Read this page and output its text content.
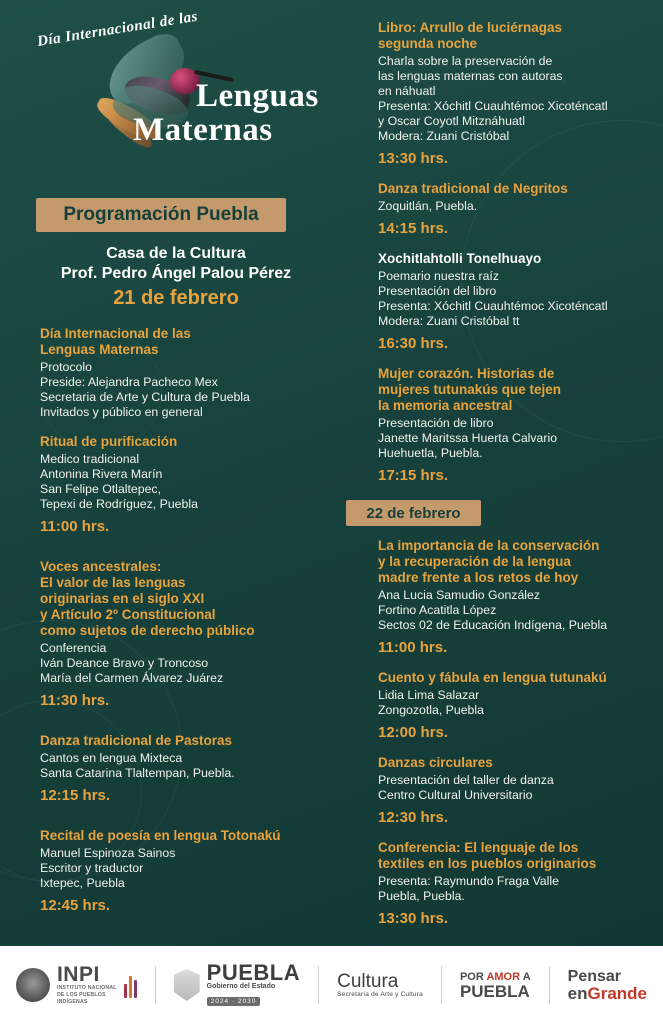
Día Internacional de las
Lenguas
Maternas
Programación Puebla
Casa de la Cultura
Prof. Pedro Ángel Palou Pérez
21 de febrero
Día Internacional de las
Lenguas Maternas
Protocolo
Preside: Alejandra Pacheco Mex
Secretaria de Arte y Cultura de Puebla
Invitados y público en general
Ritual de purificación
Medico tradicional
Antonina Rivera Marín
San Felipe Otlaltepec,
Tepexi de Rodríguez, Puebla
11:00 hrs.
Voces ancestrales:
El valor de las lenguas
originarias en el siglo XXI
y Artículo 2º Constitucional
como sujetos de derecho público
Conferencia
Iván Deance Bravo y Troncoso
María del Carmen Álvarez Juárez
11:30 hrs.
Danza tradicional de Pastoras
Cantos en lengua Mixteca
Santa Catarina Tlaltempan, Puebla.
12:15 hrs.
Recital de poesía en lengua Totonakú
Manuel Espinoza Sainos
Escritor y traductor
Ixtepec, Puebla
12:45 hrs.
Libro: Arrullo de luciérnagas
segunda noche
Charla sobre la preservación de
las lenguas maternas con autoras
en náhuatl
Presenta: Xóchitl Cuauhtémoc Xicoténcatl
y Oscar Coyotl Mitznáhuatl
Modera: Zuani Cristóbal
13:30 hrs.
Danza tradicional de Negritos
Zoquitlán, Puebla.
14:15 hrs.
Xochitlahtolli Tonelhuayo
Poemario nuestra raíz
Presentación del libro
Presenta: Xóchitl Cuauhtémoc Xicoténcatl
Modera: Zuani Cristóbal tt
16:30 hrs.
Mujer corazón. Historias de
mujeres tutunakús que tejen
la memoria ancestral
Presentación de libro
Janette Maritssa Huerta Calvario
Huehuetla, Puebla.
17:15 hrs.
La importancia de la conservación
y la recuperación de la lengua
madre frente a los retos de hoy
Ana Lucia Samudio González
Fortino Acatitla López
Sectos 02 de Educación Indígena, Puebla
11:00 hrs.
Cuento y fábula en lengua tutunakú
Lidia Lima Salazar
Zongozotla, Puebla
12:00 hrs.
Danzas circulares
Presentación del taller de danza
Centro Cultural Universitario
12:30 hrs.
Conferencia: El lenguaje de los
textiles en los pueblos originarios
Presenta: Raymundo Fraga Valle
Puebla, Puebla.
13:30 hrs.
22 de febrero
INPI
INSTITUTO NACIONAL
DE LOS PUEBLOS
INDÍGENAS
PUEBLA
Gobierno del Estado
2024 · 2030
Cultura
Secretaría de Arte y Cultura
POR AMOR A
PUEBLA
Pensar
enGrande
